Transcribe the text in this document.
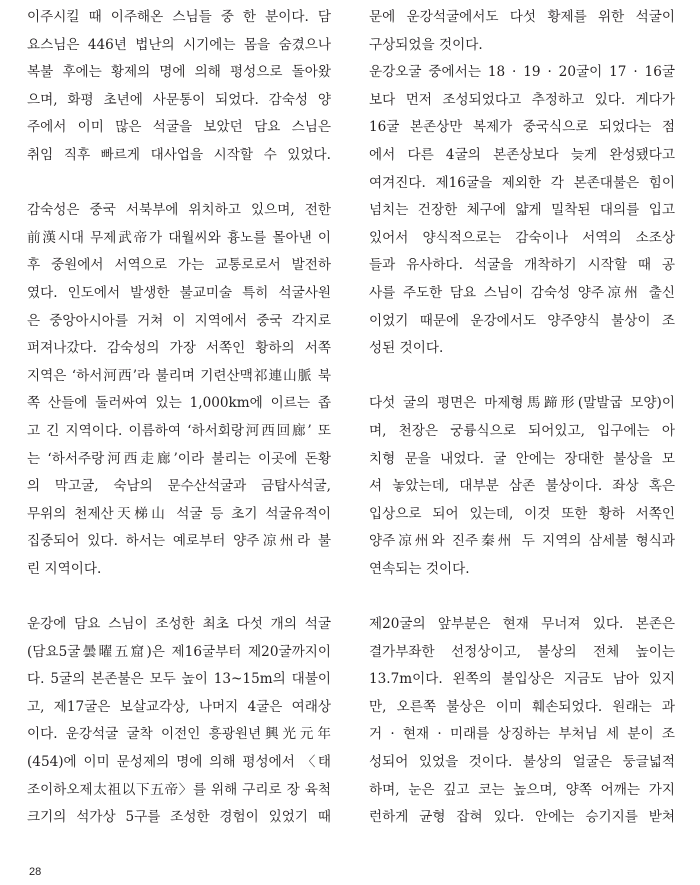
이주시킬 때 이주해온 스님들 중 한 분이다. 담
요스님은 446년 법난의 시기에는 몸을 숨겼으나
복불 후에는 황제의 명에 의해 평성으로 돌아왔
으며, 화평 초년에 사문통이 되었다. 감숙성 양
주에서 이미 많은 석굴을 보았던 담요 스님은
취임 직후 빠르게 대사업을 시작할 수 있었다.
감숙성은 중국 서북부에 위치하고 있으며, 전한
前漢시대 무제武帝가 대월씨와 흉노를 몰아낸 이
후 중원에서 서역으로 가는 교통로로서 발전하
였다. 인도에서 발생한 불교미술 특히 석굴사원
은 중앙아시아를 거쳐 이 지역에서 중국 각지로
퍼져나갔다. 감숙성의 가장 서쪽인 황하의 서쪽
지역은 ‘하서河西’라 불리며 기련산맥祁連山脈 북
쪽 산들에 둘러싸여 있는 1,000km에 이르는 좁
고 긴 지역이다. 이름하여 ‘하서회랑河西回廊’ 또
는 ‘하서주랑河西走廊’이라 불리는 이곳에 돈황
의 막고굴, 숙남의 문수산석굴과 금탑사석굴,
무위의 천제산天梯山 석굴 등 초기 석굴유적이
집중되어 있다. 하서는 예로부터 양주凉州라 불
린 지역이다.
운강에 담요 스님이 조성한 최초 다섯 개의 석굴
(담요5굴曇曜五窟)은 제16굴부터 제20굴까지이
다. 5굴의 본존불은 모두 높이 13~15m의 대불이
고, 제17굴은 보살교각상, 나머지 4굴은 여래상
이다. 운강석굴 굴착 이전인 흥광원년興光元年
(454)에 이미 문성제의 명에 의해 평성에서 〈태
조이하오제太祖以下五帝〉를 위해 구리로 장 육척
크기의 석가상 5구를 조성한 경험이 있었기 때
문에 운강석굴에서도 다섯 황제를 위한 석굴이
구상되었을 것이다.
운강오굴 중에서는 18 · 19 · 20굴이 17 · 16굴
보다 먼저 조성되었다고 추정하고 있다. 게다가
16굴 본존상만 복제가 중국식으로 되었다는 점
에서 다른 4굴의 본존상보다 늦게 완성됐다고
여겨진다. 제16굴을 제외한 각 본존대불은 힘이
넘치는 건장한 체구에 얇게 밀착된 대의를 입고
있어서 양식적으로는 감숙이나 서역의 소조상
들과 유사하다. 석굴을 개착하기 시작할 때 공
사를 주도한 담요 스님이 감숙성 양주凉州 출신
이었기 때문에 운강에서도 양주양식 불상이 조
성된 것이다.
다섯 굴의 평면은 마제형馬蹄形(말발굽 모양)이
며, 천장은 궁륭식으로 되어있고, 입구에는 아
치형 문을 내었다. 굴 안에는 장대한 불상을 모
셔 놓았는데, 대부분 삼존 불상이다. 좌상 혹은
입상으로 되어 있는데, 이것 또한 황하 서쪽인
양주凉州와 진주秦州 두 지역의 삼세불 형식과
연속되는 것이다.
제20굴의 앞부분은 현재 무너져 있다. 본존은
결가부좌한 선정상이고, 불상의 전체 높이는
13.7m이다. 왼쪽의 불입상은 지금도 남아 있지
만, 오른쪽 불상은 이미 훼손되었다. 원래는 과
거 · 현재 · 미래를 상징하는 부처님 세 분이 조
성되어 있었을 것이다. 불상의 얼굴은 둥글넓적
하며, 눈은 깊고 코는 높으며, 양쪽 어깨는 가지
런하게 균형 잡혀 있다. 안에는 승기지를 받쳐
28
